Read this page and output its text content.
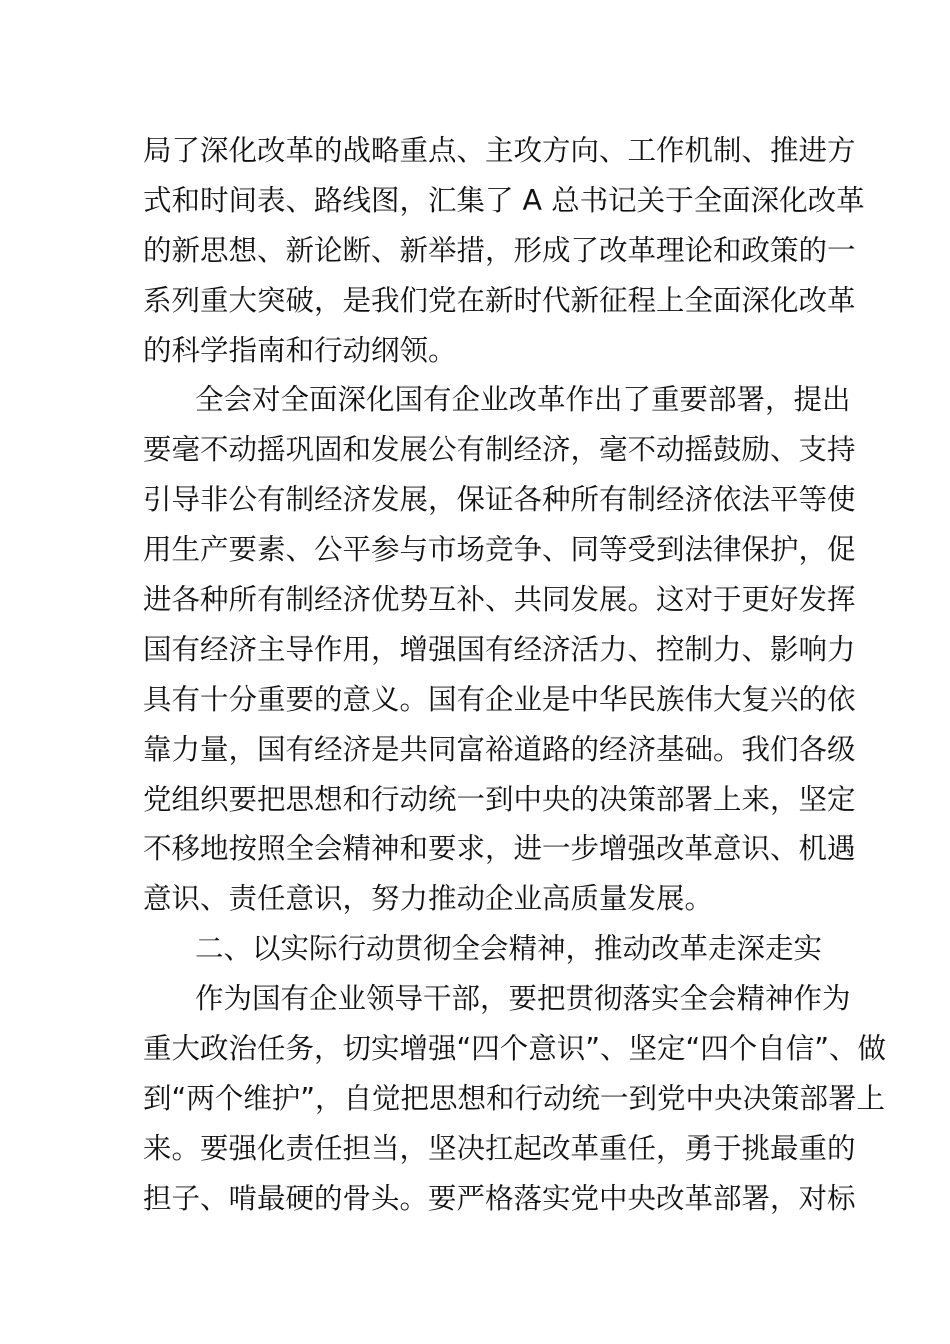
局了深化改革的战略重点、主攻方向、工作机制、推进方
式和时间表、路线图，汇集了 A 总书记关于全面深化改革
的新思想、新论断、新举措，形成了改革理论和政策的一
系列重大突破，是我们党在新时代新征程上全面深化改革
的科学指南和行动纲领。
全会对全面深化国有企业改革作出了重要部署，提出
要毫不动摇巩固和发展公有制经济，毫不动摇鼓励、支持
引导非公有制经济发展，保证各种所有制经济依法平等使
用生产要素、公平参与市场竞争、同等受到法律保护，促
进各种所有制经济优势互补、共同发展。这对于更好发挥
国有经济主导作用，增强国有经济活力、控制力、影响力
具有十分重要的意义。国有企业是中华民族伟大复兴的依
靠力量，国有经济是共同富裕道路的经济基础。我们各级
党组织要把思想和行动统一到中央的决策部署上来，坚定
不移地按照全会精神和要求，进一步增强改革意识、机遇
意识、责任意识，努力推动企业高质量发展。
二、以实际行动贯彻全会精神，推动改革走深走实
作为国有企业领导干部，要把贯彻落实全会精神作为
重大政治任务，切实增强“四个意识”、坚定“四个自信”、做
到“两个维护”，自觉把思想和行动统一到党中央决策部署上
来。要强化责任担当，坚决扛起改革重任，勇于挑最重的
担子、啃最硬的骨头。要严格落实党中央改革部署，对标
